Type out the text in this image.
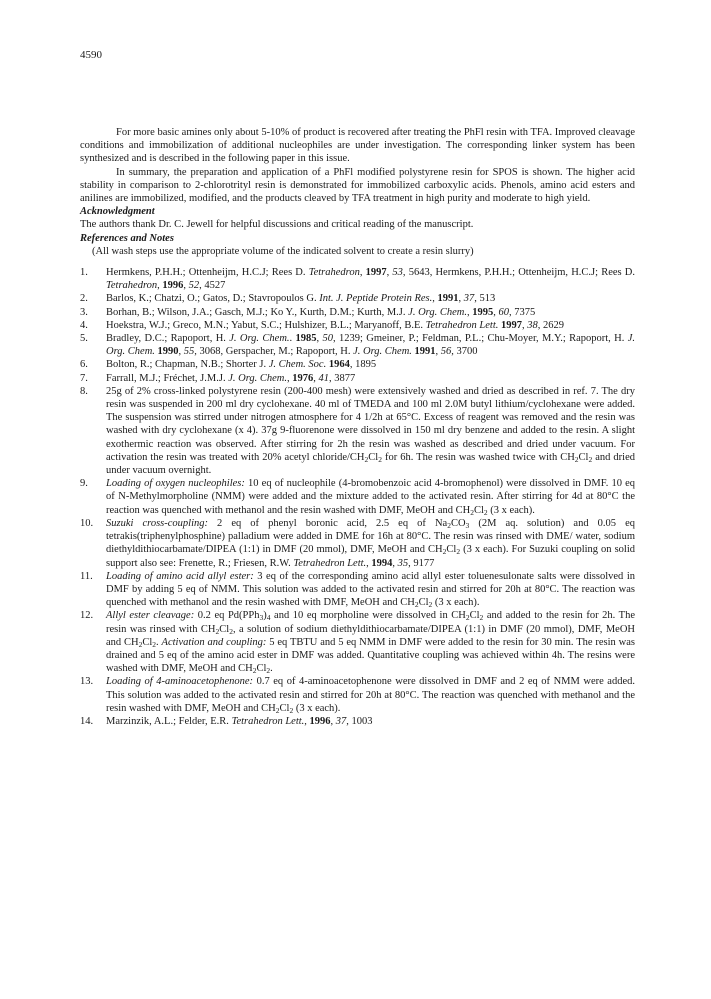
4590

For more basic amines only about 5-10% of product is recovered after treating the PhFl resin with TFA. Improved cleavage conditions and immobilization of additional nucleophiles are under investigation. The corresponding linker system has been synthesized and is described in the following paper in this issue.

In summary, the preparation and application of a PhFl modified polystyrene resin for SPOS is shown. The higher acid stability in comparison to 2-chlorotrityl resin is demonstrated for immobilized carboxylic acids. Phenols, amino acid esters and anilines are immobilized, modified, and the products cleaved by TFA treatment in high purity and moderate to high yield.

Acknowledgment

The authors thank Dr. C. Jewell for helpful discussions and critical reading of the manuscript.

References and Notes

(All wash steps use the appropriate volume of the indicated solvent to create a resin slurry)

1.	Hermkens, P.H.H.; Ottenheijm, H.C.J; Rees D. Tetrahedron, 1997, 53, 5643, Hermkens, P.H.H.; Ottenheijm, H.C.J; Rees D. Tetrahedron, 1996, 52, 4527
2.	Barlos, K.; Chatzi, O.; Gatos, D.; Stavropoulos G. Int. J. Peptide Protein Res., 1991, 37, 513
3.	Borhan, B.; Wilson, J.A.; Gasch, M.J.; Ko Y., Kurth, D.M.; Kurth, M.J. J. Org. Chem., 1995, 60, 7375
4.	Hoekstra, W.J.; Greco, M.N.; Yabut, S.C.; Hulshizer, B.L.; Maryanoff, B.E. Tetrahedron Lett. 1997, 38, 2629
5.	Bradley, D.C.; Rapoport, H. J. Org. Chem.. 1985, 50, 1239; Gmeiner, P.; Feldman, P.L.; Chu-Moyer, M.Y.; Rapoport, H. J. Org. Chem. 1990, 55, 3068, Gerspacher, M.; Rapoport, H. J. Org. Chem. 1991, 56, 3700
6.	Bolton, R.; Chapman, N.B.; Shorter J. J. Chem. Soc. 1964, 1895
7.	Farrall, M.J.; Fréchet, J.M.J. J. Org. Chem., 1976, 41, 3877
8.	25g of 2% cross-linked polystyrene resin (200-400 mesh) were extensively washed and dried as described in ref. 7. The dry resin was suspended in 200 ml dry cyclohexane. 40 ml of TMEDA and 100 ml 2.0M butyl lithium/cyclohexane were added. The suspension was stirred under nitrogen atmosphere for 4 1/2h at 65°C. Excess of reagent was removed and the resin was washed with dry cyclohexane (x 4). 37g 9-fluorenone were dissolved in 150 ml dry benzene and added to the resin. A slight exothermic reaction was observed. After stirring for 2h the resin was washed as described and dried under vacuum. For activation the resin was treated with 20% acetyl chloride/$CH_2Cl_2$ for 6h. The resin was washed twice with $CH_2Cl_2$ and dried under vacuum overnight.
9.	Loading of oxygen nucleophiles: 10 eq of nucleophile (4-bromobenzoic acid 4-bromophenol) were dissolved in DMF. 10 eq of N-Methylmorpholine (NMM) were added and the mixture added to the activated resin. After stirring for 4d at 80°C the reaction was quenched with methanol and the resin washed with DMF, MeOH and $CH_2Cl_2$ (3 x each).
10.	Suzuki cross-coupling: 2 eq of phenyl boronic acid, 2.5 eq of $Na_2CO_3$ (2M aq. solution) and 0.05 eq tetrakis(triphenylphosphine) palladium were added in DME for 16h at 80°C. The resin was rinsed with DME/ water, sodium diethyldithiocarbamate/DIPEA (1:1) in DMF (20 mmol), DMF, MeOH and $CH_2Cl_2$ (3 x each). For Suzuki coupling on solid support also see: Frenette, R.; Friesen, R.W. Tetrahedron Lett., 1994, 35, 9177
11.	Loading of amino acid allyl ester: 3 eq of the corresponding amino acid allyl ester toluenesulonate salts were dissolved in DMF by adding 5 eq of NMM. This solution was added to the activated resin and stirred for 20h at 80°C. The reaction was quenched with methanol and the resin washed with DMF, MeOH and $CH_2Cl_2$ (3 x each).
12.	Allyl ester cleavage: 0.2 eq $Pd(PPh_3)_4$ and 10 eq morpholine were dissolved in $CH_2Cl_2$ and added to the resin for 2h. The resin was rinsed with $CH_2Cl_2$, a solution of sodium diethyldithiocarbamate/DIPEA (1:1) in DMF (20 mmol), DMF, MeOH and $CH_2Cl_2$. Activation and coupling: 5 eq TBTU and 5 eq NMM in DMF were added to the resin for 30 min. The resin was drained and 5 eq of the amino acid ester in DMF was added. Quantitative coupling was achieved within 4h. The resins were washed with DMF, MeOH and $CH_2Cl_2$.
13.	Loading of 4-aminoacetophenone: 0.7 eq of 4-aminoacetophenone were dissolved in DMF and 2 eq of NMM were added. This solution was added to the activated resin and stirred for 20h at 80°C. The reaction was quenched with methanol and the resin washed with DMF, MeOH and $CH_2Cl_2$ (3 x each).
14.	Marzinzik, A.L.; Felder, E.R. Tetrahedron Lett., 1996, 37, 1003
